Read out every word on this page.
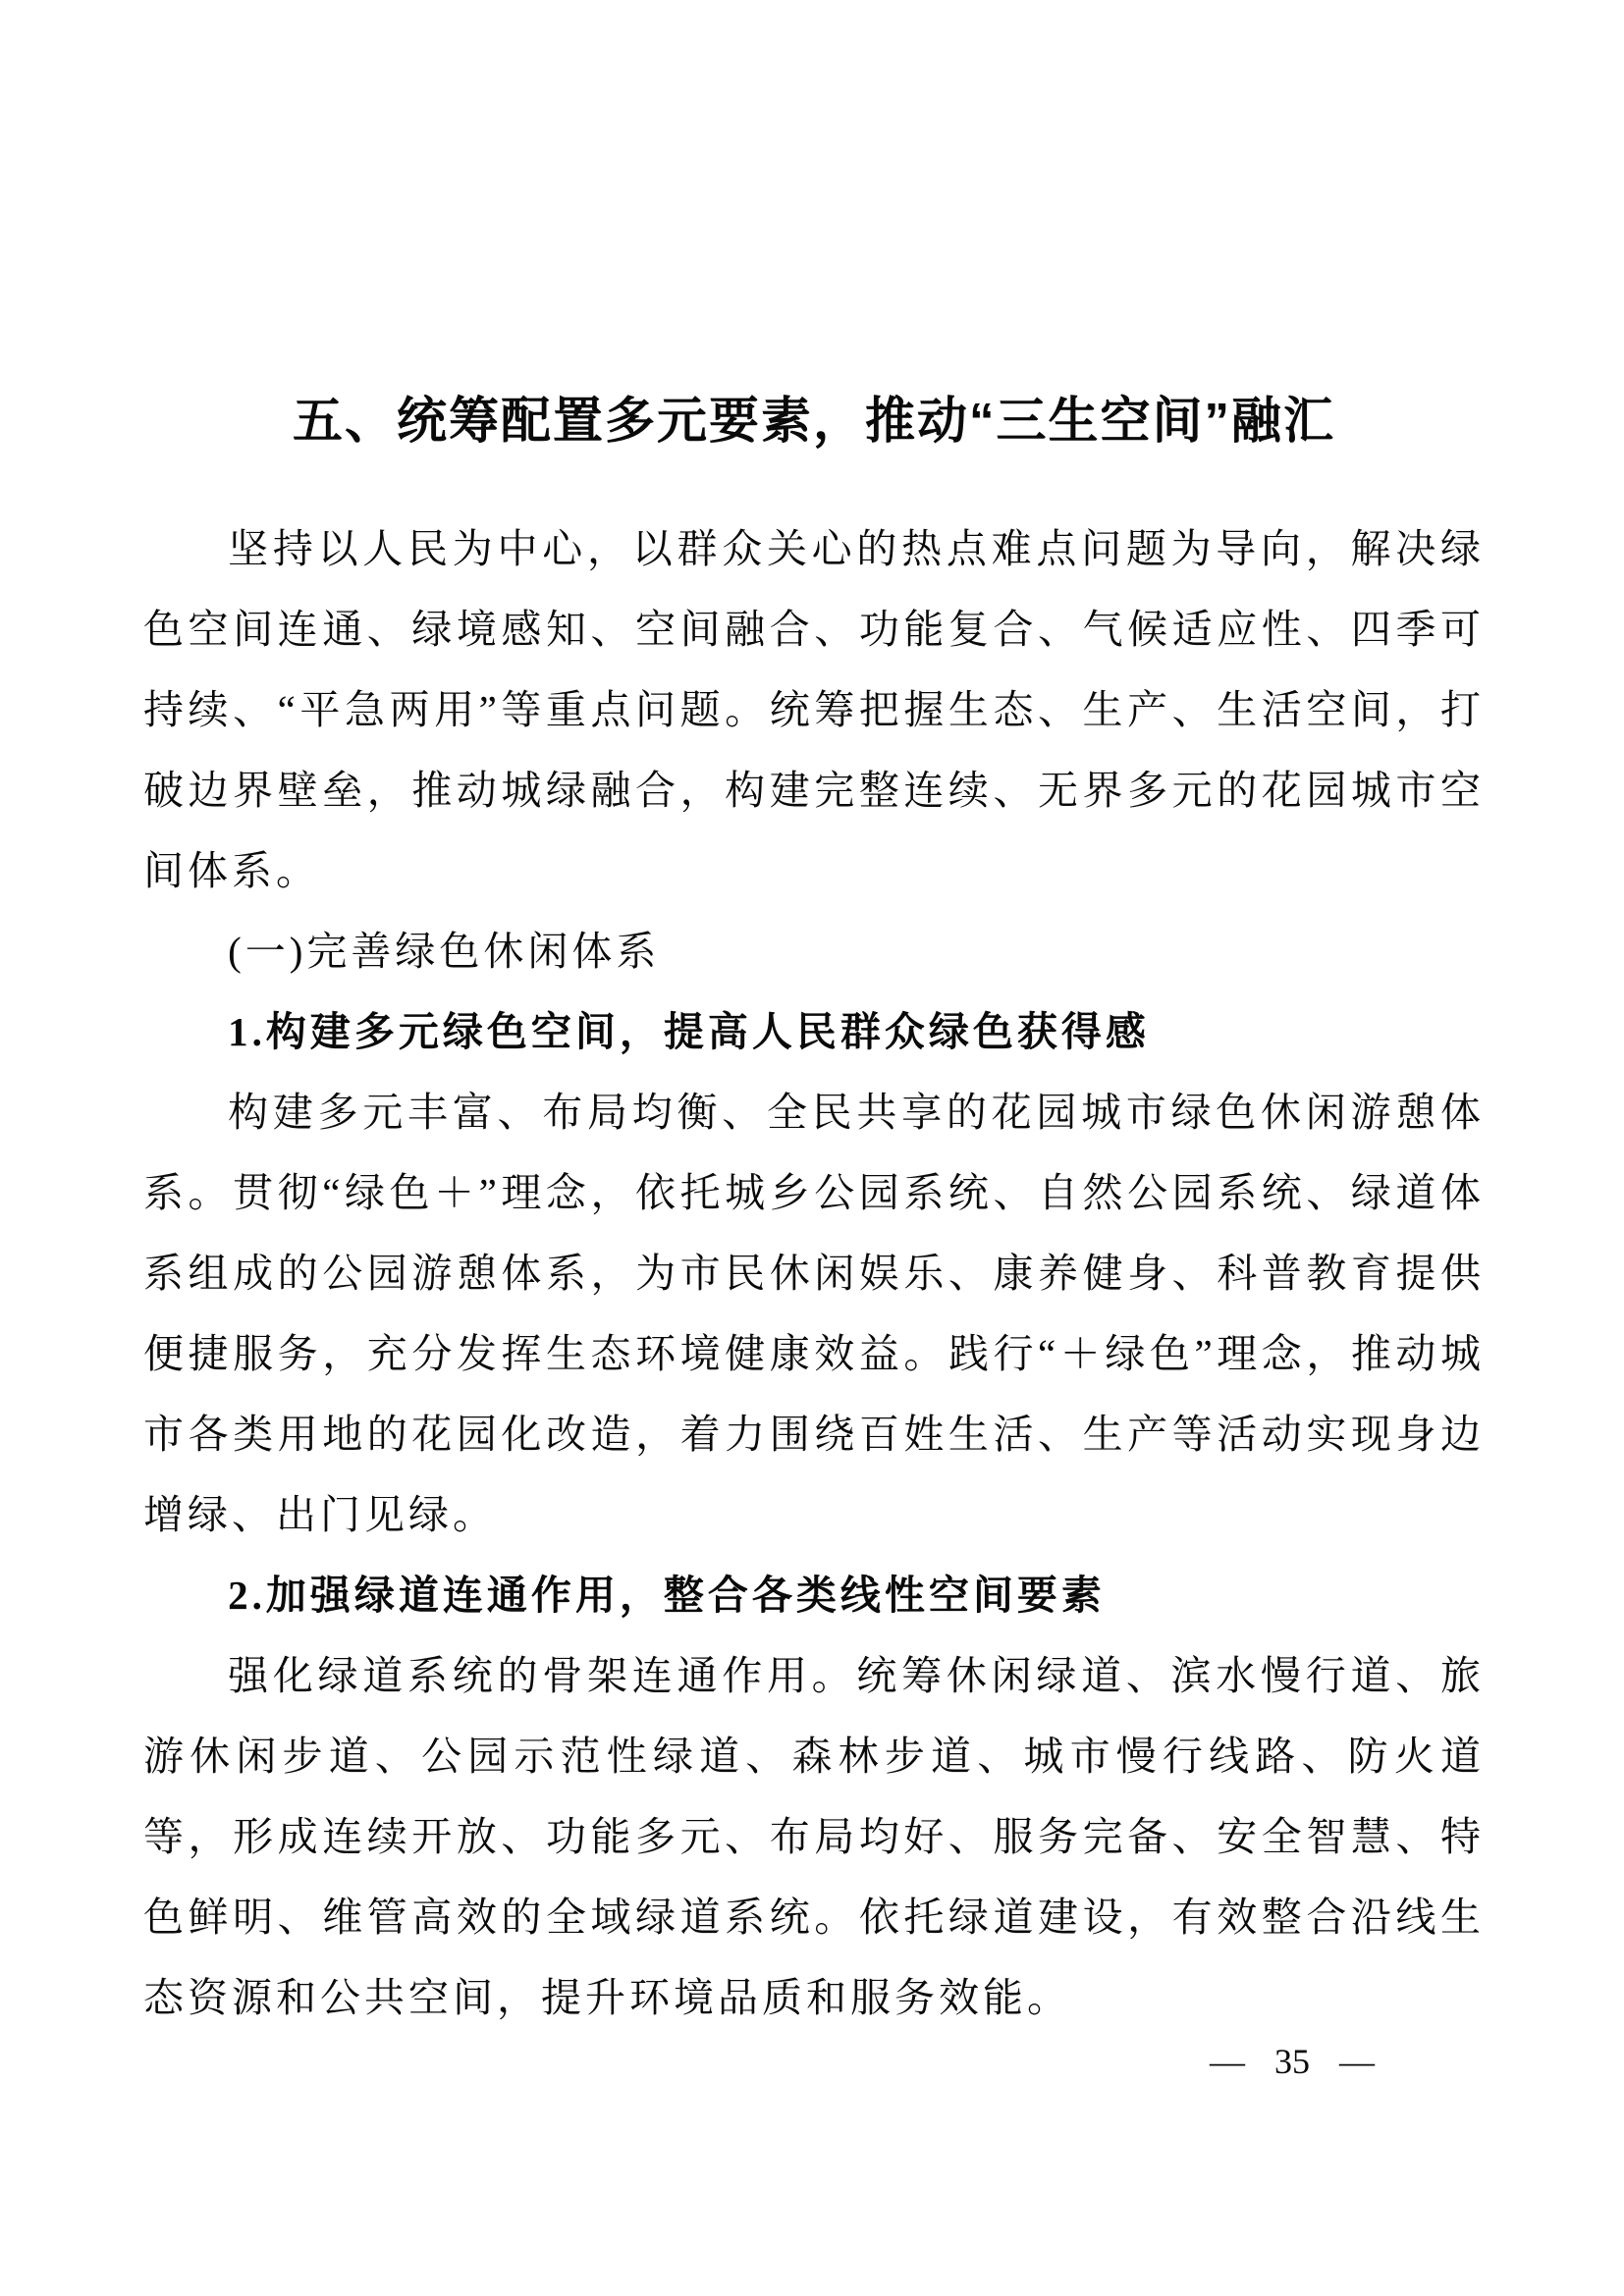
五、统筹配置多元要素，推动“三生空间”融汇

坚持以人民为中心，以群众关心的热点难点问题为导向，解决绿色空间连通、绿境感知、空间融合、功能复合、气候适应性、四季可持续、“平急两用”等重点问题。统筹把握生态、生产、生活空间，打破边界壁垒，推动城绿融合，构建完整连续、无界多元的花园城市空间体系。

(一)完善绿色休闲体系
1.构建多元绿色空间，提高人民群众绿色获得感

构建多元丰富、布局均衡、全民共享的花园城市绿色休闲游憩体系。贯彻“绿色＋”理念，依托城乡公园系统、自然公园系统、绿道体系组成的公园游憩体系，为市民休闲娱乐、康养健身、科普教育提供便捷服务，充分发挥生态环境健康效益。践行“＋绿色”理念，推动城市各类用地的花园化改造，着力围绕百姓生活、生产等活动实现身边增绿、出门见绿。

2.加强绿道连通作用，整合各类线性空间要素

强化绿道系统的骨架连通作用。统筹休闲绿道、滨水慢行道、旅游休闲步道、公园示范性绿道、森林步道、城市慢行线路、防火道等，形成连续开放、功能多元、布局均好、服务完备、安全智慧、特色鲜明、维管高效的全域绿道系统。依托绿道建设，有效整合沿线生态资源和公共空间，提升环境品质和服务效能。

— 35 —
